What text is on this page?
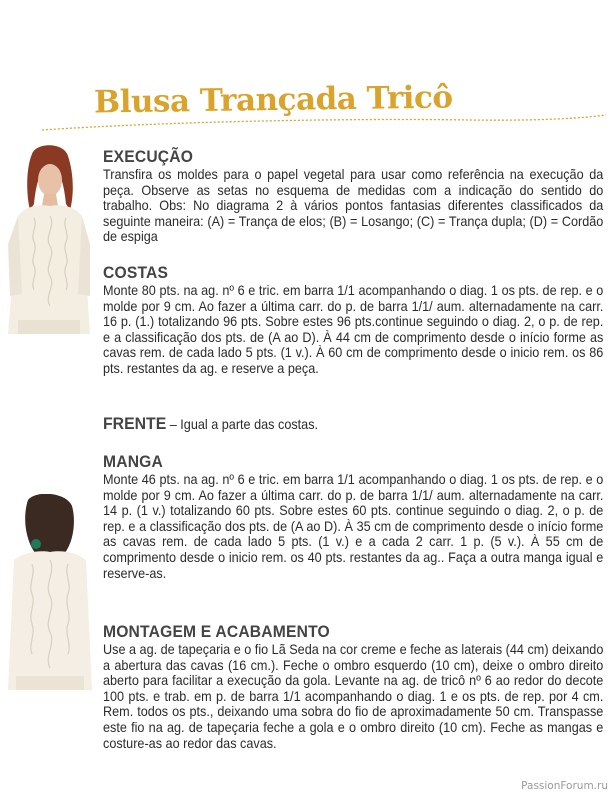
Blusa Trançada Tricô
EXECUÇÃO

Transfira os moldes para o papel vegetal para usar como referência na execução da peça. Observe as setas no esquema de medidas com a indicação do sentido do trabalho. Obs: No diagrama 2 à vários pontos fantasias diferentes classificados da seguinte maneira: (A) = Trança de elos; (B) = Losango; (C) = Trança dupla; (D) = Cordão de espiga

COSTAS

Monte 80 pts. na ag. nº 6 e tric. em barra 1/1 acompanhando o diag. 1 os pts. de rep. e o molde por 9 cm. Ao fazer a última carr. do p. de barra 1/1/ aum. alternadamente na carr. 16 p. (1.) totalizando 96 pts. Sobre estes 96 pts.continue seguindo o diag. 2, o p. de rep. e a classificação dos pts. de (A ao D). À 44 cm de comprimento desde o início forme as cavas rem. de cada lado 5 pts. (1 v.). À 60 cm de comprimento desde o inicio rem. os 86 pts. restantes da ag. e reserve a peça.

FRENTE – Igual a parte das costas.

MANGA

Monte 46 pts. na ag. nº 6 e tric. em barra 1/1 acompanhando o diag. 1 os pts. de rep. e o molde por 9 cm. Ao fazer a última carr. do p. de barra 1/1/ aum. alternadamente na carr. 14 p. (1 v.) totalizando 60 pts. Sobre estes 60 pts. continue seguindo o diag. 2, o p. de rep. e a classificação dos pts. de (A ao D). À 35 cm de comprimento desde o início forme as cavas rem. de cada lado 5 pts. (1 v.) e a cada 2 carr. 1 p. (5 v.). À 55 cm de comprimento desde o inicio rem. os 40 pts. restantes da ag.. Faça a outra manga igual e reserve-as.

MONTAGEM E ACABAMENTO

Use a ag. de tapeçaria e o fio Lã Seda na cor creme e feche as laterais (44 cm) deixando a abertura das cavas (16 cm.). Feche o ombro esquerdo (10 cm), deixe o ombro direito aberto para facilitar a execução da gola. Levante na ag. de tricô nº 6 ao redor do decote 100 pts. e trab. em p. de barra 1/1 acompanhando o diag. 1 e os pts. de rep. por 4 cm. Rem. todos os pts., deixando uma sobra do fio de aproximadamente 50 cm. Transpasse este fio na ag. de tapeçaria feche a gola e o ombro direito (10 cm). Feche as mangas e costure-as ao redor das cavas.

PassionForum.ru
